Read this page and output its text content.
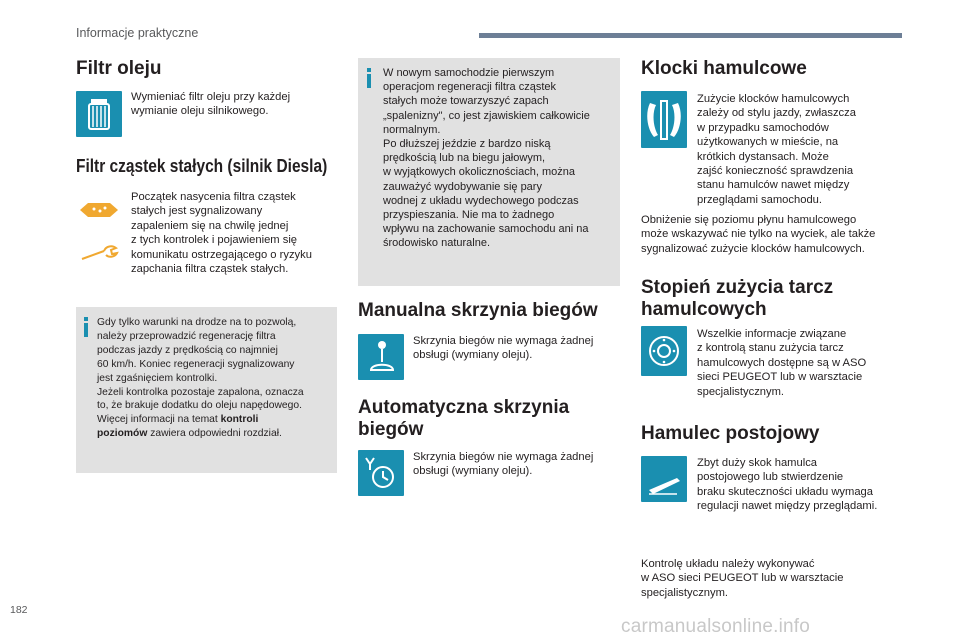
Informacje praktyczne
Filtr oleju
Wymieniać filtr oleju przy każdej
wymianie oleju silnikowego.
Filtr cząstek stałych (silnik Diesla)
Początek nasycenia filtra cząstek
stałych jest sygnalizowany
zapaleniem się na chwilę jednej
z tych kontrolek i pojawieniem się
komunikatu ostrzegającego o ryzyku
zapchania filtra cząstek stałych.
Gdy tylko warunki na drodze na to pozwolą,
należy przeprowadzić regenerację filtra
podczas jazdy z prędkością co najmniej
60 km/h. Koniec regeneracji sygnalizowany
jest zgaśnięciem kontrolki.
Jeżeli kontrolka pozostaje zapalona, oznacza
to, że brakuje dodatku do oleju napędowego.
Więcej informacji na temat kontroli
poziomów zawiera odpowiedni rozdział.
W nowym samochodzie pierwszym
operacjom regeneracji filtra cząstek
stałych może towarzyszyć zapach
„spalenizny", co jest zjawiskiem całkowicie
normalnym.
Po dłuższej jeździe z bardzo niską
prędkością lub na biegu jałowym,
w wyjątkowych okolicznościach, można
zauważyć wydobywanie się pary
wodnej z układu wydechowego podczas
przyspieszania. Nie ma to żadnego
wpływu na zachowanie samochodu ani na
środowisko naturalne.
Manualna skrzynia biegów
Skrzynia biegów nie wymaga żadnej
obsługi (wymiany oleju).
Automatyczna skrzynia biegów
Skrzynia biegów nie wymaga żadnej
obsługi (wymiany oleju).
Klocki hamulcowe
Zużycie klocków hamulcowych
zależy od stylu jazdy, zwłaszcza
w przypadku samochodów
użytkowanych w mieście, na
krótkich dystansach. Może
zajść konieczność sprawdzenia
stanu hamulców nawet między
przeglądami samochodu.
Obniżenie się poziomu płynu hamulcowego
może wskazywać nie tylko na wyciek, ale także
sygnalizować zużycie klocków hamulcowych.
Stopień zużycia tarcz hamulcowych
Wszelkie informacje związane
z kontrolą stanu zużycia tarcz
hamulcowych dostępne są w ASO
sieci PEUGEOT lub w warsztacie
specjalistycznym.
Hamulec postojowy
Zbyt duży skok hamulca
postojowego lub stwierdzenie
braku skuteczności układu wymaga
regulacji nawet między przeglądami.
Kontrolę układu należy wykonywać
w ASO sieci PEUGEOT lub w warsztacie
specjalistycznym.
182
carmanualsonline.info
